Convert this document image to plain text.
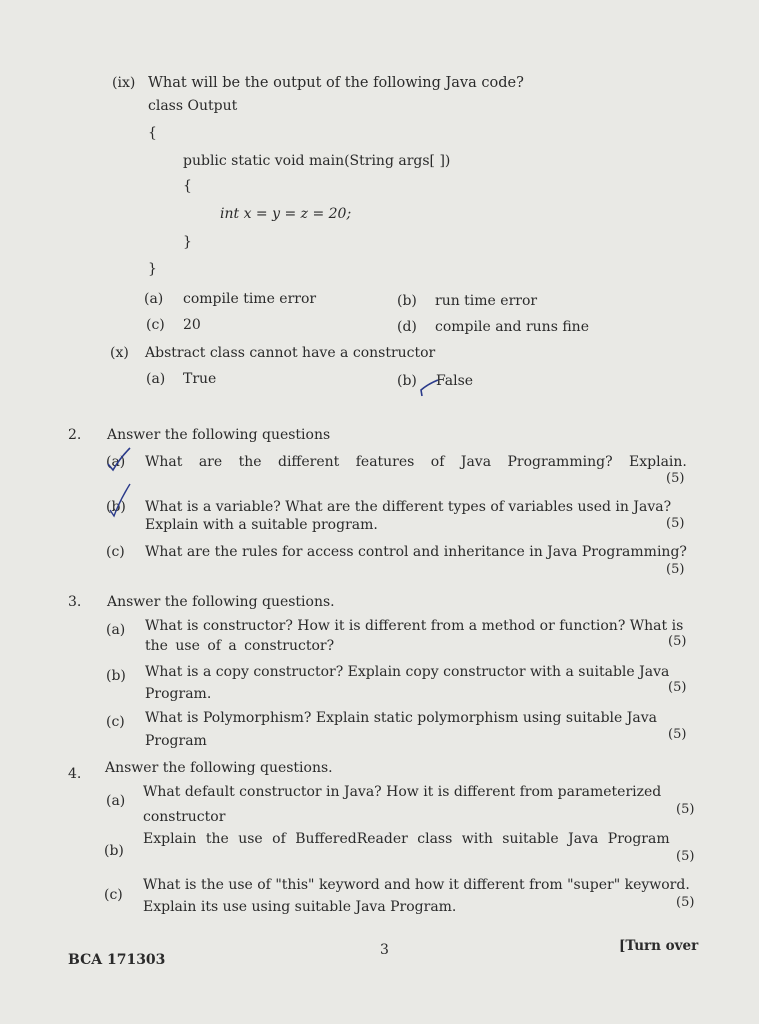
(ix) What will be the output of the following Java code?
class Output
{
public static void main(String args[ ])
{
int x = y = z = 20;
}
}
(a) compile time error	(b) run time error
(c) 20	(d) compile and runs fine
(x) Abstract class cannot have a constructor
(a) True	(b) False
2. Answer the following questions
(a) What are the different features of Java Programming? Explain.
(5)
(b) What is a variable? What are the different types of variables used in Java?
Explain with a suitable program.	(5)
(c) What are the rules for access control and inheritance in Java Programming?
(5)
3. Answer the following questions.
(a) What is constructor? How it is different from a method or function? What is
the use of a constructor?	(5)
(b) What is a copy constructor? Explain copy constructor with a suitable Java
Program.	(5)
(c) What is Polymorphism? Explain static polymorphism using suitable Java
Program	(5)
4. Answer the following questions.
(a)
What default constructor in Java? How it is different from parameterized
constructor	(5)
(b)
Explain the use of BufferedReader class with suitable Java Program
(5)
(c)
What is the use of "this" keyword and how it different from "super" keyword.
Explain its use using suitable Java Program.	(5)
BCA 171303
3	[Turn over
